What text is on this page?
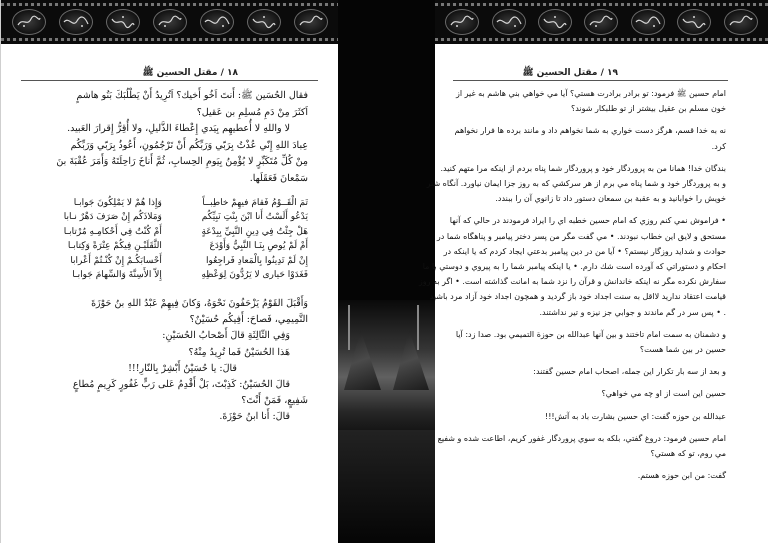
۱۸ / مقتل الحسين ﷺ
فقال الحُسَين ﷺ: أَنتَ اَخُو أَخيك؟ اَتُرِيدُ أَنْ يَطْلُبَكَ بَنُو هاشمٍ
اَكثَرَ مِنْ دَمِ مُسلِمِ بن عَقيل؟
لا واللهِ لا أُعطيهِم بِيَدي إِعْطاءَ الذَّليلِ، ولا أُقِرُّ إِقرارَ العَبيد.
عِبادَ اللهِ إِنّي عُذْتُ بِرَبّي وَرَبِّكُم أَنْ تَرْجُمُونِ، أَعُوذُ بِرَبّي وَرَبِّكُم
مِنْ كُلِّ مُتَكَبِّرٍ لا يُؤْمِنُ بِيَومِ الحِسابِ، ثُمَّ أَناخَ رَاحِلَتَهُ وَأَمَرَ عُقْبَةَ بنَ
سَمْعانَ فَعَقَلَها.
تَمَ الْقَــوْمُ فَقامَ فيهِمْ خاطِبــاً
وَإِذا هُمْ لا يَمْلِكُونَ جَوابـا
يَدْعُو أَلَسْتُ أَنا ابْنَ بِنْتِ نَبِيِّكُم
وَمَلاذَكُم إِنْ صَرَفَ دَهْرٌ نـابا
هَلْ جِئْتُ فِي دِينِ النَّبِيِّ بِبِدْعَةٍ
أَمْ كُنْتُ فِي أَحْكامِـهِ مُرْتابـا
أَمْ لَمْ يُوصِ بِنَـا النَّبِيُّ وَأَوْدَعَ
الثَّقَلَيْـنِ فِيكُمْ عِتْرَةً وَكِتابـا
إِنْ لَمْ تَدِينُوا بِالْمَعادِ فَراجِعُوا
أَحْسابَكُـمْ إِنْ كُنْـتُمْ أَعْرابا
فَغَدَوْا حَيارى لا يَرُدُّونَ لِوَعْظِهِ
إِلاّ الأَسِنَّةَ وَالسِّهامَ جَوابـا
وَأَقْبَلَ القَوْمُ يَزْحَفُونَ نَحْوَهُ، وَكانَ فِيهِمْ عَبْدُ اللهِ بنُ حَوْزَةَ
التَّمِيمِي، فَصاحَ: أَفِيكُم حُسَيْنٌ؟
وَفِي الثّالِثَةِ قالَ أَصْحابُ الحُسَيْنِ:
هَذا الحُسَيْنُ فَما تُرِيدُ مِنْهُ؟
قالَ: يا حُسَيْنُ أَبْشِرْ بِالنّارِ!!!
قالَ الحُسَيْنُ: كَذِبْتَ، بَلْ أَقْدِمُ عَلى رَبٍّ غَفُورٍ كَرِيمٍ مُطاعٍ
شَفِيعٍ، فَمَنْ أَنْتَ؟
قالَ: أَنا ابنُ حَوْزَةَ.
۱۹ / مقتل الحسين ﷺ
امام حسين ﷺ فرمود: تو برادر برادرت هستي؟ آيا مي خواهي بني هاشم به غير از
خون مسلم بن عقيل بيشتر از تو طلبكار شوند؟
نه به خدا قسم، هرگز دست خواري به شما نخواهم داد و مانند برده ها فرار نخواهم
كرد.
بندگان خدا! همانا من به پروردگار خود و پروردگار شما پناه بردم از اينكه مرا متهم كنيد.
و به پروردگار خود و شما پناه مي برم از هر سركشي كه به روز جزا ايمان نياورد. آنگاه شتر
خويش را خوابانيد و به عقبة بن سمعان دستور داد تا زانوي آن را ببندد.
• فراموش نمي كنم روزي كه امام حسين خطبه اي را ايراد فرمودند در حالي كه آنها
مستحق و لايق اين خطاب نبودند. • مي گفت مگر من پسر دختر پيامبر و پناهگاه شما در
حوادث و شدايد روزگار نيستم؟ • آيا من در دين پيامبر بدعتي ايجاد كردم كه يا اينكه در
احكام و دستوراتي كه آورده است شك دارم. • يا اينكه پيامبر شما را به پيروي و دوستي با ما
سفارش نكرده مگر نه اينكه خاندانش و قرآن را نزد شما به امانت گذاشته است. • اگر به روز
قيامت اعتقاد نداريد لااقل به سنت اجداد خود باز گرديد و همچون اجداد خود آزاد مرد باشيد
. • پس سر در گم ماندند و جوابي جز نيزه و تير نداشتند.
و دشمنان به سمت امام تاختند و بين آنها عبدالله بن حوزة التميمي بود. صدا زد: آيا
حسين در بين شما هست؟
و بعد از سه بار تكرار اين جمله، اصحاب امام حسين گفتند:
حسين اين است از او چه مي خواهي؟
عبدالله بن حوزه گفت: اي حسين بشارت باد به آتش!!!
امام حسين فرمود: دروغ گفتي، بلكه به سوي پروردگار غفور كريم، اطاعت شده و شفيع
مي روم، تو كه هستي؟
گفت: من ابن حوزه هستم.
